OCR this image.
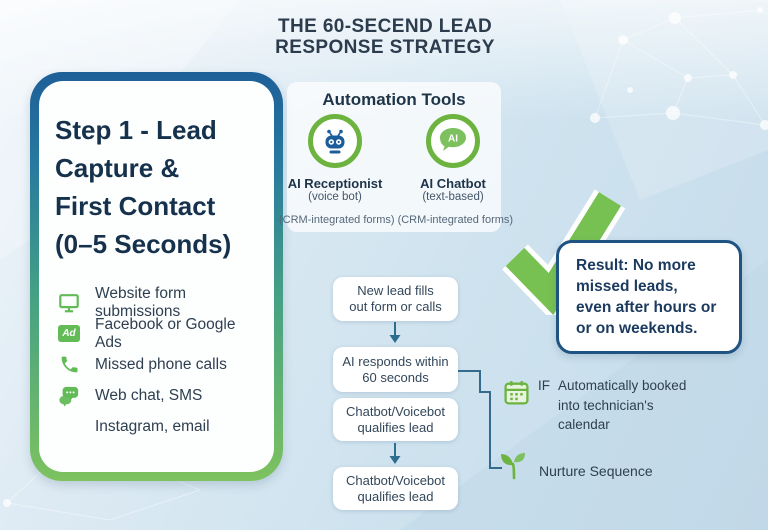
THE 60-SECEND LEAD
RESPONSE STRATEGY
Step 1 - Lead
Capture &
First Contact
(0–5 Seconds)
Website form submissions
Ad
Facebook or Google Ads
Missed phone calls
Web chat, SMS
Instagram, email
Automation Tools
AI Receptionist
(voice bot)
AI
AI Chatbot
(text-based)
(CRM-integrated forms) (CRM-integrated forms)
New lead fills
out form or calls
AI responds within
60 seconds
Chatbot/Voicebot
qualifies lead
Chatbot/Voicebot
qualifies lead
Result: No more
missed leads,
even after hours or
or on weekends.
IF Automatically booked
into technician's
calendar
Nurture Sequence
